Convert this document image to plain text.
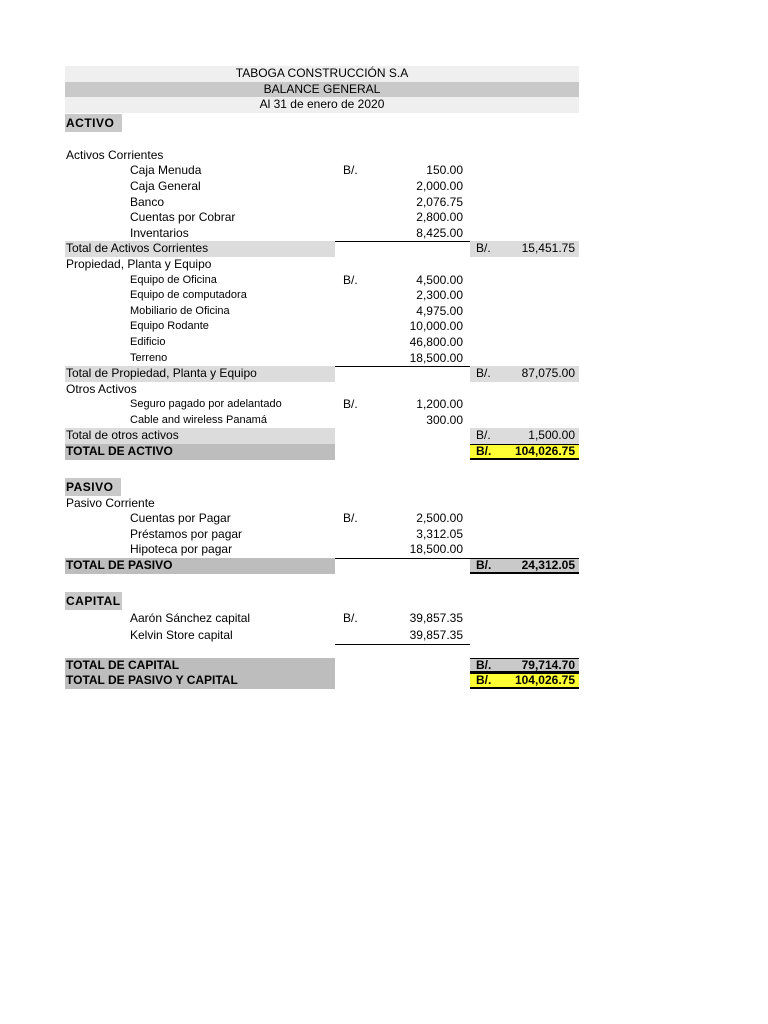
TABOGA CONSTRUCCIÓN S.A
BALANCE GENERAL
Al 31 de enero de 2020
ACTIVO
Activos Corrientes
Caja Menuda	B/.	150.00
Caja General	2,000.00
Banco	2,076.75
Cuentas por Cobrar	2,800.00
Inventarios	8,425.00
Total de Activos Corrientes	B/.	15,451.75
Propiedad, Planta y Equipo
Equipo de Oficina	B/.	4,500.00
Equipo de computadora	2,300.00
Mobiliario de Oficina	4,975.00
Equipo Rodante	10,000.00
Edificio	46,800.00
Terreno	18,500.00
Total de Propiedad, Planta y Equipo	B/.	87,075.00
Otros Activos
Seguro pagado por adelantado	B/.	1,200.00
Cable and wireless Panamá	300.00
Total de otros activos	B/.	1,500.00
TOTAL DE ACTIVO	B/. 104,026.75
PASIVO
Pasivo Corriente
Cuentas por Pagar	B/.	2,500.00
Préstamos por pagar	3,312.05
Hipoteca por pagar	18,500.00
TOTAL DE PASIVO	B/.	24,312.05
CAPITAL
Aarón Sánchez capital	B/.	39,857.35
Kelvin Store capital	39,857.35
TOTAL DE CAPITAL	B/.	79,714.70
TOTAL DE PASIVO Y CAPITAL	B/. 104,026.75
